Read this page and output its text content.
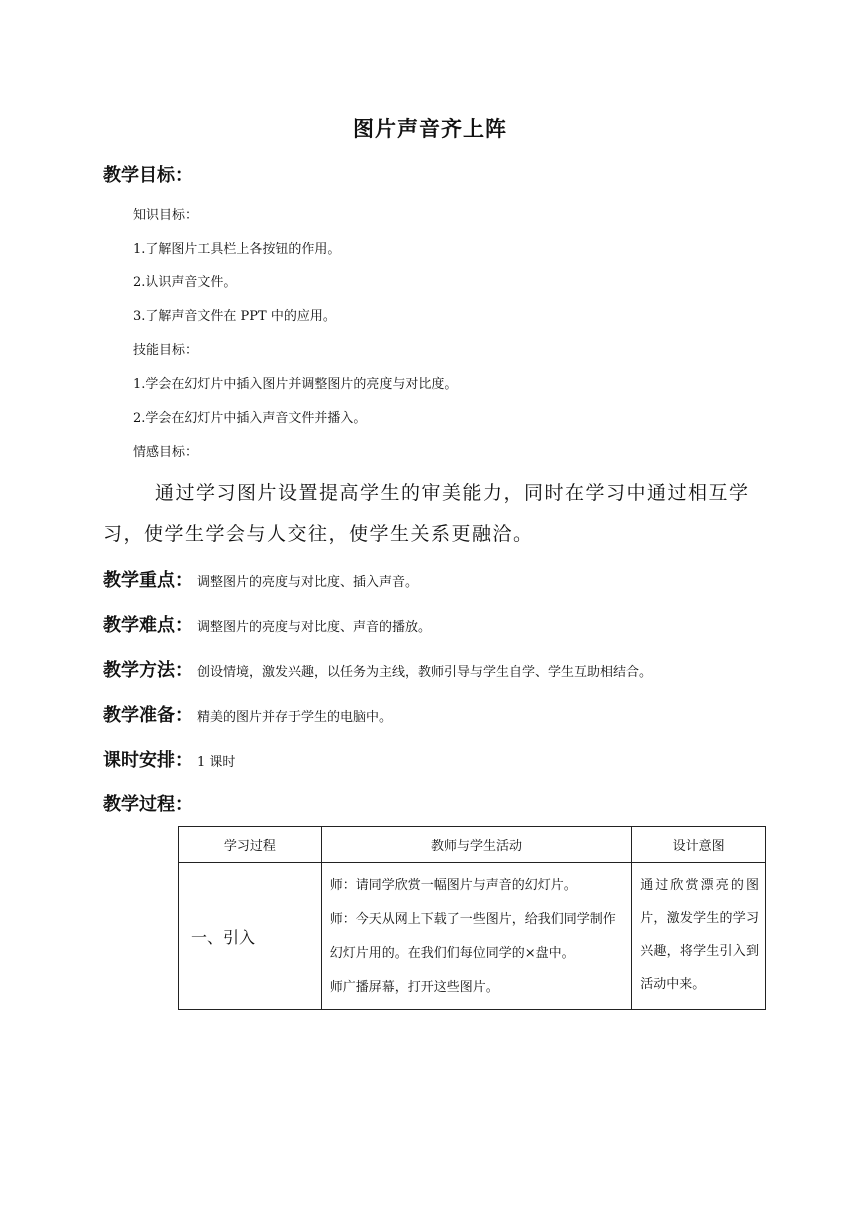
图片声音齐上阵
教学目标：
知识目标：
1.了解图片工具栏上各按钮的作用。
2.认识声音文件。
3.了解声音文件在 PPT 中的应用。
技能目标：
1.学会在幻灯片中插入图片并调整图片的亮度与对比度。
2.学会在幻灯片中插入声音文件并播入。
情感目标：
通过学习图片设置提高学生的审美能力，同时在学习中通过相互学
习，使学生学会与人交往，使学生关系更融洽。
教学重点： 调整图片的亮度与对比度、插入声音。
教学难点： 调整图片的亮度与对比度、声音的播放。
教学方法： 创设情境，激发兴趣，以任务为主线，教师引导与学生自学、学生互助相结合。
教学准备： 精美的图片并存于学生的电脑中。
课时安排： 1 课时
教学过程：
学习过程	教师与学生活动	设计意图
一、引入	师：请同学欣赏一幅图片与声音的幻灯片。
师：今天从网上下载了一些图片，给我们同学制作幻灯片用的。在我们们每位同学的×盘中。
师广播屏幕，打开这些图片。	通过欣赏漂亮的图片，激发学生的学习兴趣，将学生引入到活动中来。
